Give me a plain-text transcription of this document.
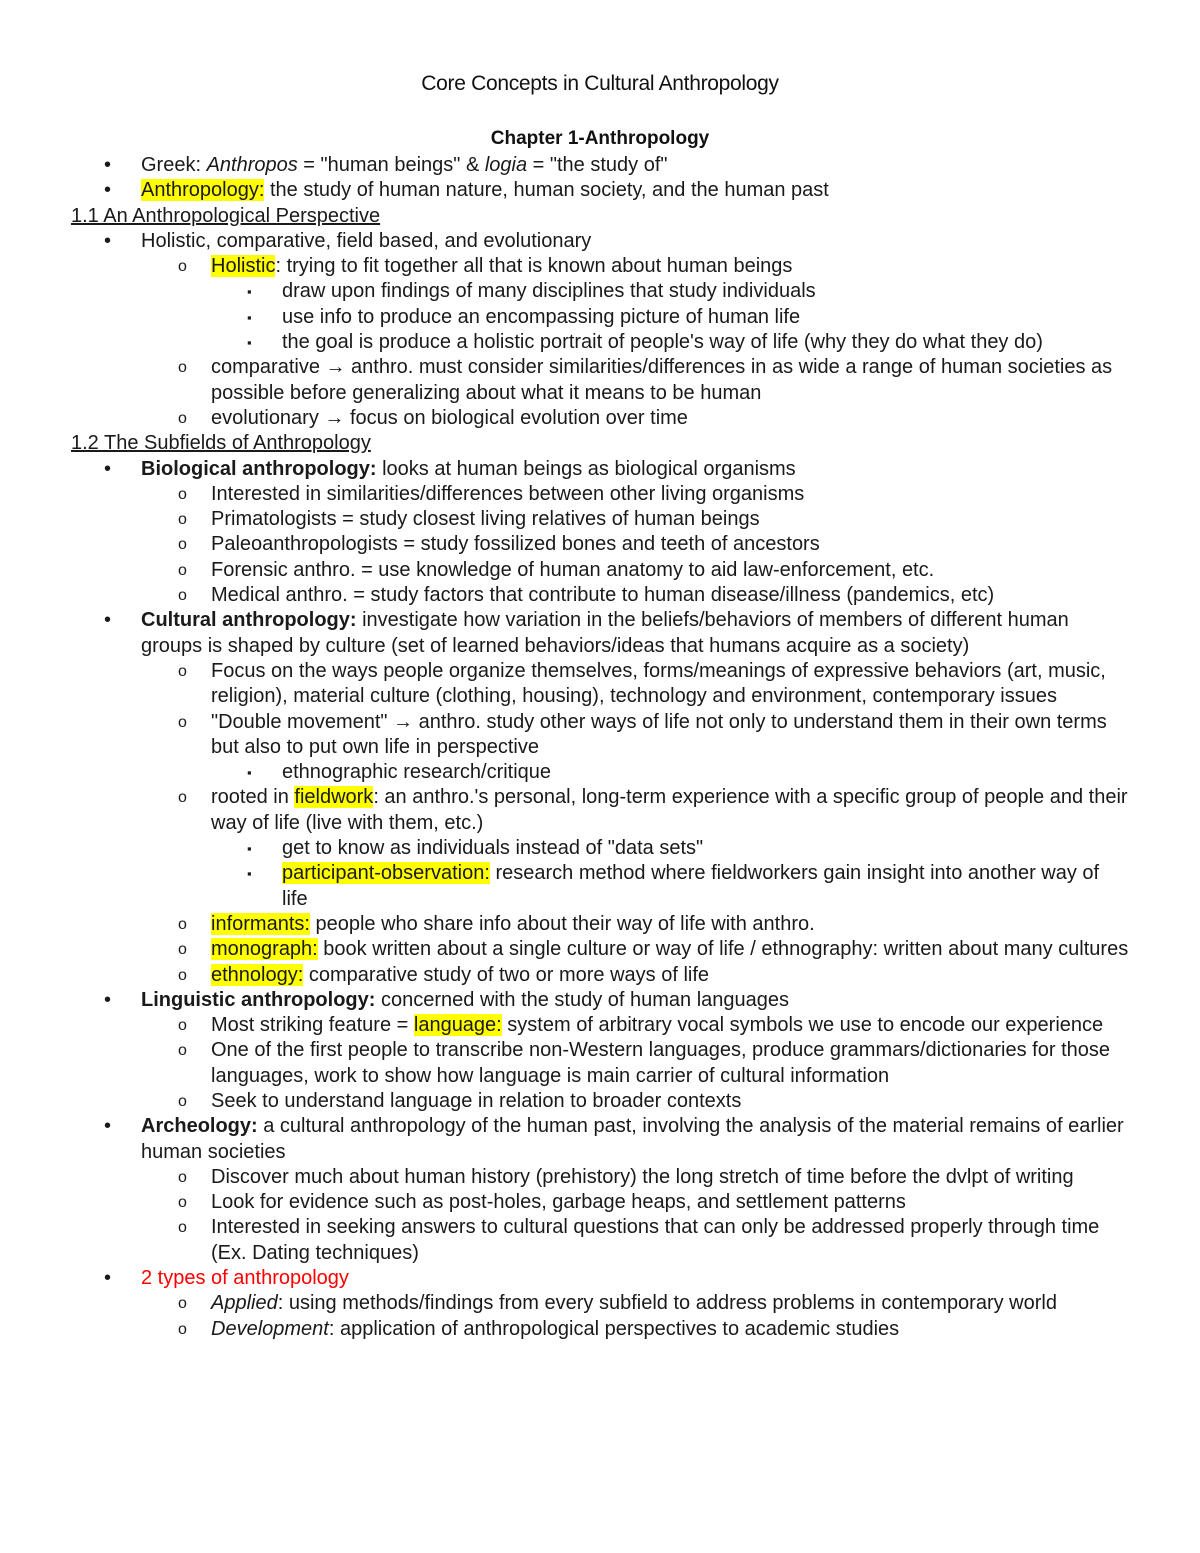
Core Concepts in Cultural Anthropology
Chapter 1-Anthropology
• Greek: Anthropos = "human beings" & logia = "the study of"
• Anthropology: the study of human nature, human society, and the human past
1.1 An Anthropological Perspective
• Holistic, comparative, field based, and evolutionary
o Holistic: trying to fit together all that is known about human beings
▪ draw upon findings of many disciplines that study individuals
▪ use info to produce an encompassing picture of human life
▪ the goal is produce a holistic portrait of people's way of life (why they do what they do)
o comparative → anthro. must consider similarities/differences in as wide a range of human societies as possible before generalizing about what it means to be human
o evolutionary → focus on biological evolution over time
1.2 The Subfields of Anthropology
• Biological anthropology: looks at human beings as biological organisms
o Interested in similarities/differences between other living organisms
o Primatologists = study closest living relatives of human beings
o Paleoanthropologists = study fossilized bones and teeth of ancestors
o Forensic anthro. = use knowledge of human anatomy to aid law-enforcement, etc.
o Medical anthro. = study factors that contribute to human disease/illness (pandemics, etc)
• Cultural anthropology: investigate how variation in the beliefs/behaviors of members of different human groups is shaped by culture (set of learned behaviors/ideas that humans acquire as a society)
o Focus on the ways people organize themselves, forms/meanings of expressive behaviors (art, music, religion), material culture (clothing, housing), technology and environment, contemporary issues
o "Double movement" → anthro. study other ways of life not only to understand them in their own terms but also to put own life in perspective
▪ ethnographic research/critique
o rooted in fieldwork: an anthro.'s personal, long-term experience with a specific group of people and their way of life (live with them, etc.)
▪ get to know as individuals instead of "data sets"
▪ participant-observation: research method where fieldworkers gain insight into another way of life
o informants: people who share info about their way of life with anthro.
o monograph: book written about a single culture or way of life / ethnography: written about many cultures
o ethnology: comparative study of two or more ways of life
• Linguistic anthropology: concerned with the study of human languages
o Most striking feature = language: system of arbitrary vocal symbols we use to encode our experience
o One of the first people to transcribe non-Western languages, produce grammars/dictionaries for those languages, work to show how language is main carrier of cultural information
o Seek to understand language in relation to broader contexts
• Archeology: a cultural anthropology of the human past, involving the analysis of the material remains of earlier human societies
o Discover much about human history (prehistory) the long stretch of time before the dvlpt of writing
o Look for evidence such as post-holes, garbage heaps, and settlement patterns
o Interested in seeking answers to cultural questions that can only be addressed properly through time (Ex. Dating techniques)
• 2 types of anthropology
o Applied: using methods/findings from every subfield to address problems in contemporary world
o Development: application of anthropological perspectives to academic studies
